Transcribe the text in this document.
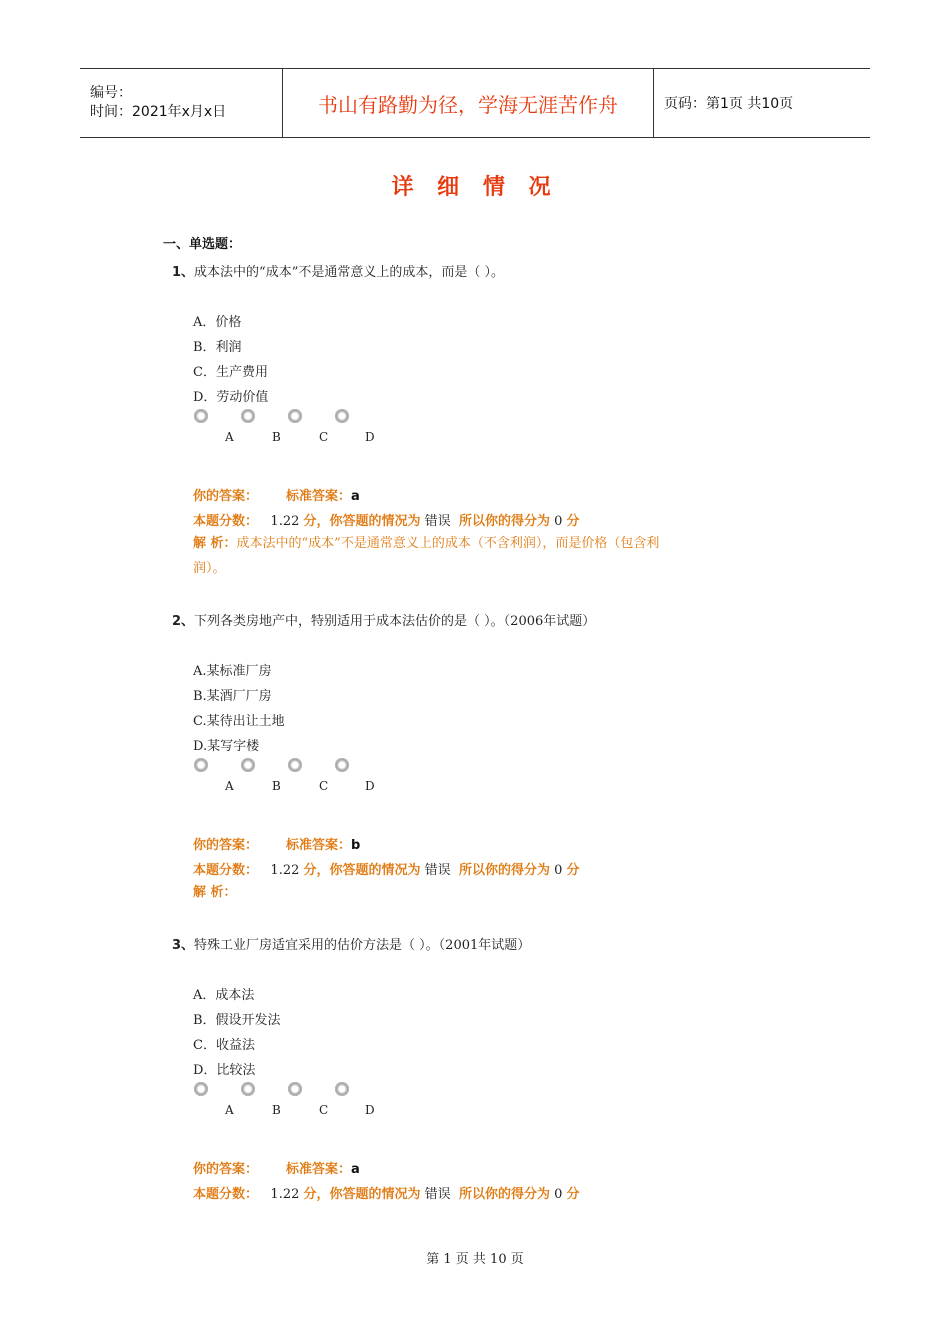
编号：
时间：2021年x月x日	书山有路勤为径，学海无涯苦作舟	页码：第1页 共10页
详 细 情 况
一、单选题：
1、成本法中的“成本”不是通常意义上的成本，而是（ ）。
A．价格
B．利润
C．生产费用
D．劳动价值
A	B	C	D
你的答案： 标准答案：a
本题分数： 1.22 分，你答题的情况为 错误 所以你的得分为 0 分
解 析：成本法中的“成本”不是通常意义上的成本（不含利润），而是价格（包含利
润）。
2、下列各类房地产中，特别适用于成本法估价的是（ ）。（2006年试题）
A.某标准厂房
B.某酒厂厂房
C.某待出让土地
D.某写字楼
A	B	C	D
你的答案： 标准答案：b
本题分数： 1.22 分，你答题的情况为 错误 所以你的得分为 0 分
解 析：
3、特殊工业厂房适宜采用的估价方法是（ ）。（2001年试题）
A．成本法
B．假设开发法
C．收益法
D．比较法
A	B	C	D
你的答案： 标准答案：a
本题分数： 1.22 分，你答题的情况为 错误 所以你的得分为 0 分
第 1 页 共 10 页
